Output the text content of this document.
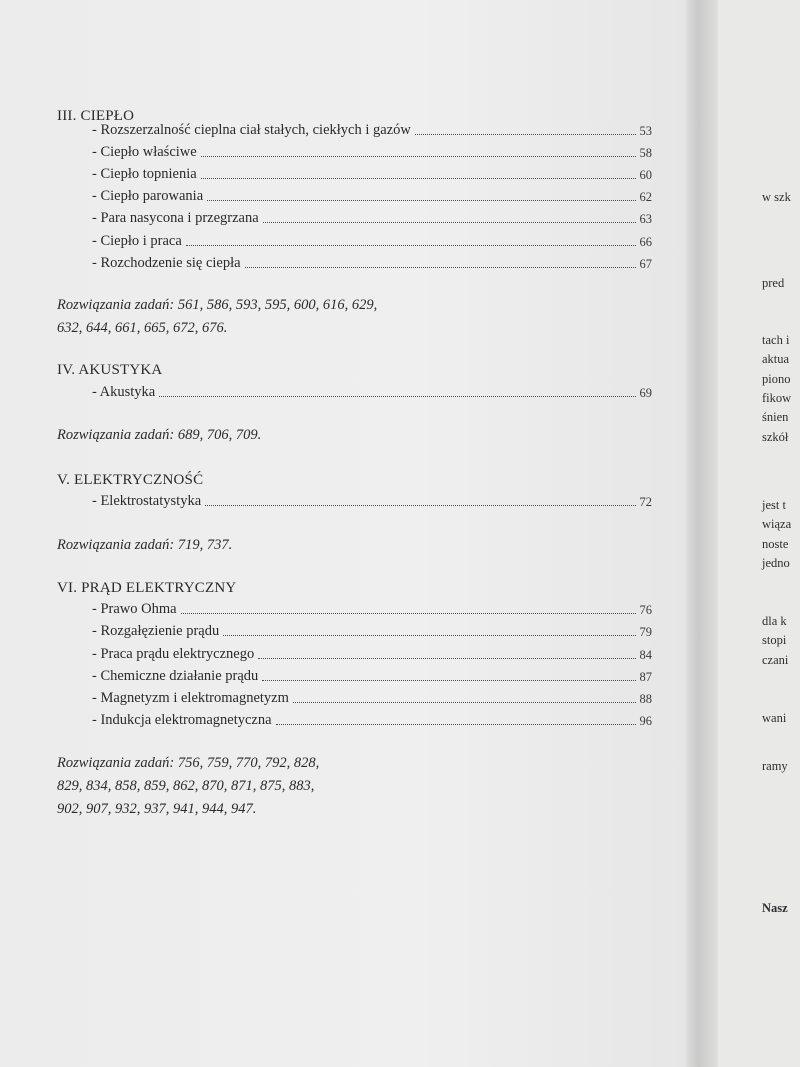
III. CIEPŁO
- Rozszerzalność cieplna ciał stałych, ciekłych i gazów	53
- Ciepło właściwe	58
- Ciepło topnienia	60
- Ciepło parowania	62
- Para nasycona i przegrzana	63
- Ciepło i praca	66
- Rozchodzenie się ciepła	67
Rozwiązania zadań: 561, 586, 593, 595, 600, 616, 629,
632, 644, 661, 665, 672, 676.
IV. AKUSTYKA
- Akustyka	69
Rozwiązania zadań: 689, 706, 709.
V. ELEKTRYCZNOŚĆ
- Elektrostatystyka	72
Rozwiązania zadań: 719, 737.
VI. PRĄD ELEKTRYCZNY
- Prawo Ohma	76
- Rozgałęzienie prądu	79
- Praca prądu elektrycznego	84
- Chemiczne działanie prądu	87
- Magnetyzm i elektromagnetyzm	88
- Indukcja elektromagnetyczna	96
Rozwiązania zadań: 756, 759, 770, 792, 828,
829, 834, 858, 859, 862, 870, 871, 875, 883,
902, 907, 932, 937, 941, 944, 947.
w szk
pred
tach i
aktua
piono
fikow
śnien
szkół
jest t
wiąza
noste
jedno
dla k
stopi
czani
wani
ramy
Nasz
